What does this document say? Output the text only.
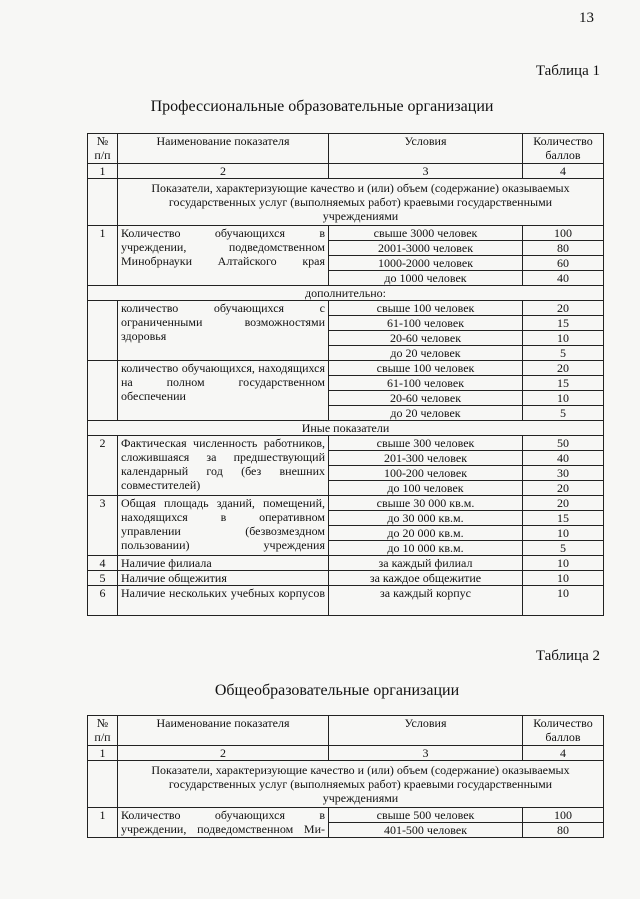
13
Таблица 1
Профессиональные образовательные организации
№ п/п	Наименование показателя	Условия	Количество баллов
1	2	3	4
	Показатели, характеризующие качество и (или) объем (содержание) оказываемых государственных услуг (выполняемых работ) краевыми государственными учреждениями		
1	Количество обучающихся в учреждении, подведомственном Минобрнауки Алтайского края	свыше 3000 человек	100
		2001-3000 человек	80
		1000-2000 человек	60
		до 1000 человек	40
дополнительно:			
	количество обучающихся с ограниченными возможностями здоровья	свыше 100 человек	20
		61-100 человек	15
		20-60 человек	10
		до 20 человек	5
	количество обучающихся, находящихся на полном государственном обеспечении	свыше 100 человек	20
		61-100 человек	15
		20-60 человек	10
		до 20 человек	5
Иные показатели			
2	Фактическая численность работников, сложившаяся за предшествующий календарный год (без внешних совместителей)	свыше 300 человек	50
		201-300 человек	40
		100-200 человек	30
		до 100 человек	20
3	Общая площадь зданий, помещений, находящихся в оперативном управлении (безвозмездном пользовании) учреждения	свыше 30 000 кв.м.	20
		до 30 000 кв.м.	15
		до 20 000 кв.м.	10
		до 10 000 кв.м.	5
4	Наличие филиала	за каждый филиал	10
5	Наличие общежития	за каждое общежитие	10
6	Наличие нескольких учебных корпусов	за каждый корпус	10
Таблица 2
Общеобразовательные организации
№ п/п	Наименование показателя	Условия	Количество баллов
1	2	3	4
	Показатели, характеризующие качество и (или) объем (содержание) оказываемых государственных услуг (выполняемых работ) краевыми государственными учреждениями		
1	Количество обучающихся в учреждении, подведомственном Ми-	свыше 500 человек	100
		401-500 человек	80
